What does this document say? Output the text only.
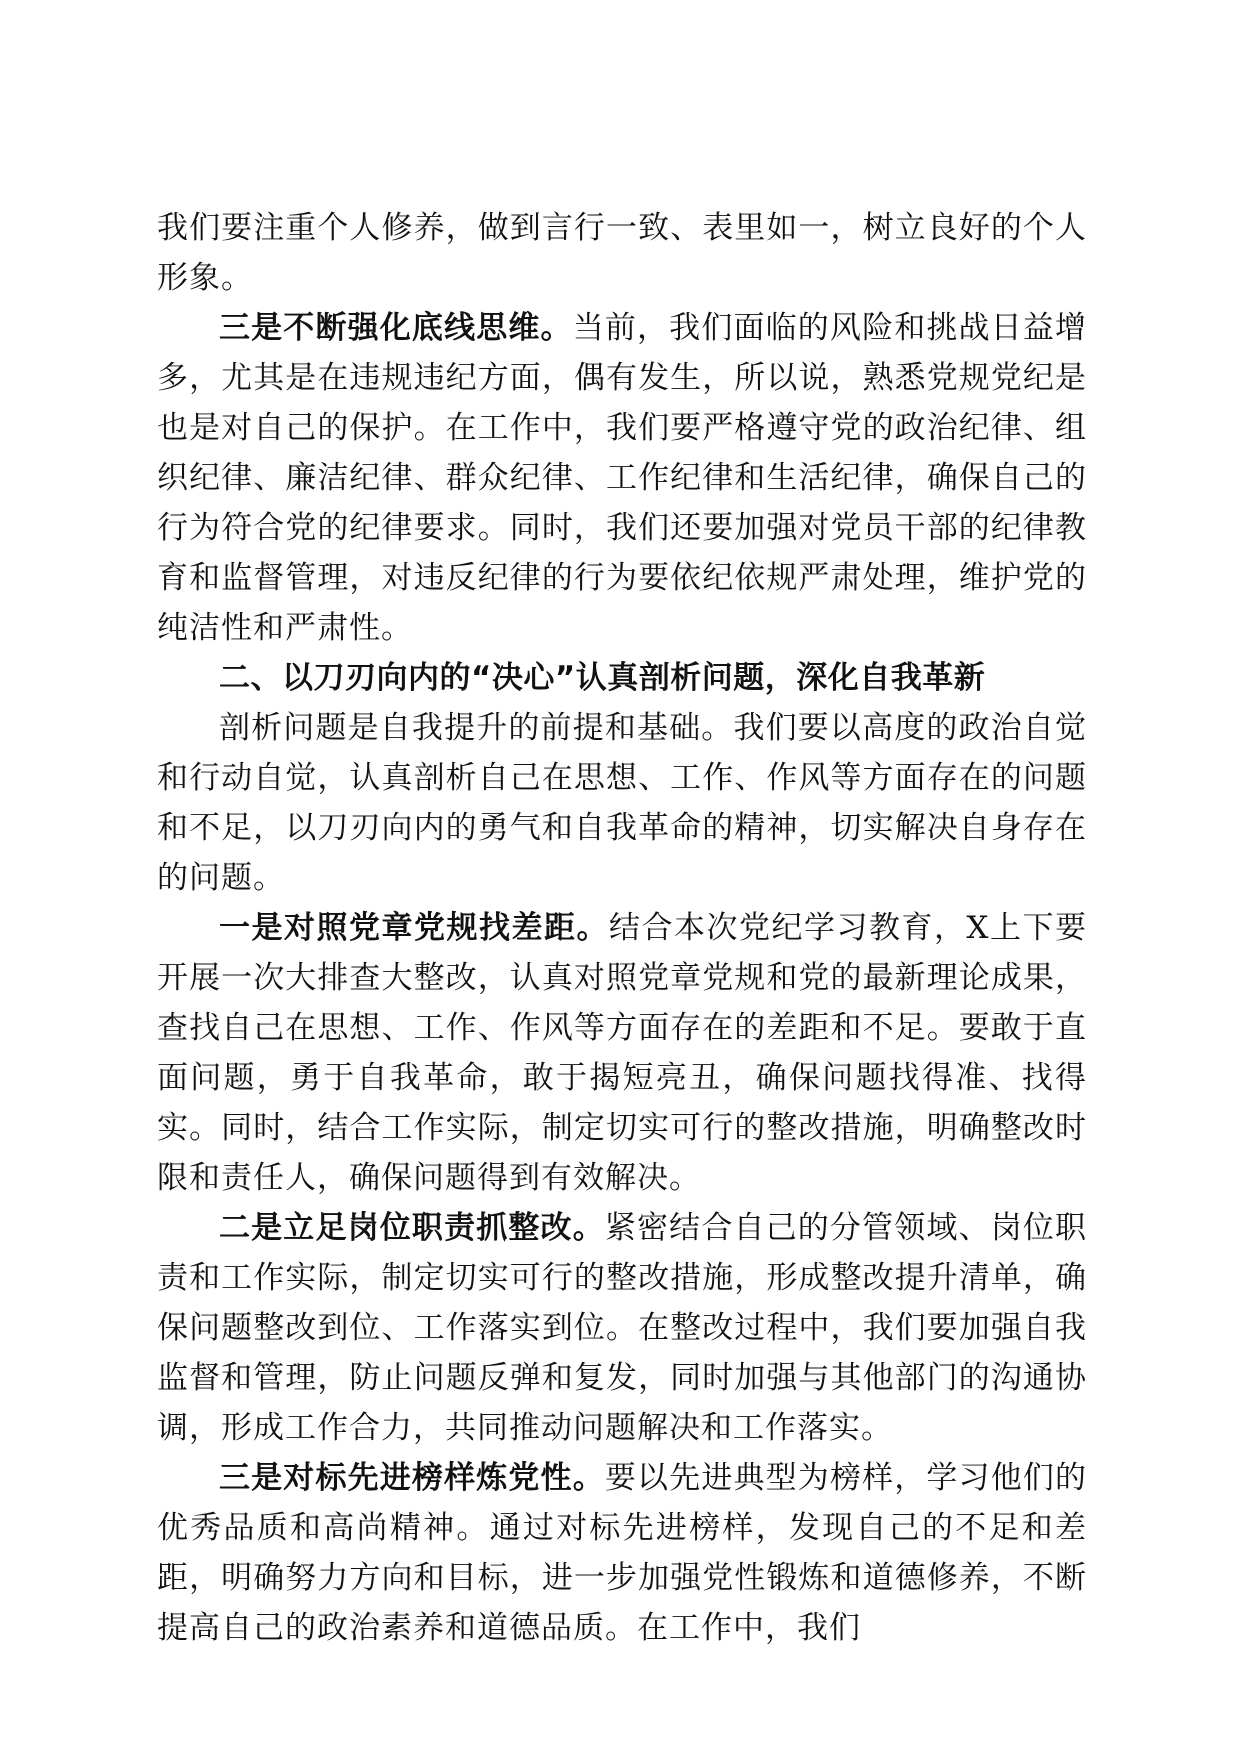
我们要注重个人修养，做到言行一致、表里如一，树立良好的个人形象。

三是不断强化底线思维。当前，我们面临的风险和挑战日益增多，尤其是在违规违纪方面，偶有发生，所以说，熟悉党规党纪是也是对自己的保护。在工作中，我们要严格遵守党的政治纪律、组织纪律、廉洁纪律、群众纪律、工作纪律和生活纪律，确保自己的行为符合党的纪律要求。同时，我们还要加强对党员干部的纪律教育和监督管理，对违反纪律的行为要依纪依规严肃处理，维护党的纯洁性和严肃性。

二、以刀刃向内的“决心”认真剖析问题，深化自我革新

剖析问题是自我提升的前提和基础。我们要以高度的政治自觉和行动自觉，认真剖析自己在思想、工作、作风等方面存在的问题和不足，以刀刃向内的勇气和自我革命的精神，切实解决自身存在的问题。

一是对照党章党规找差距。结合本次党纪学习教育，X上下要开展一次大排查大整改，认真对照党章党规和党的最新理论成果，查找自己在思想、工作、作风等方面存在的差距和不足。要敢于直面问题，勇于自我革命，敢于揭短亮丑，确保问题找得准、找得实。同时，结合工作实际，制定切实可行的整改措施，明确整改时限和责任人，确保问题得到有效解决。

二是立足岗位职责抓整改。紧密结合自己的分管领域、岗位职责和工作实际，制定切实可行的整改措施，形成整改提升清单，确保问题整改到位、工作落实到位。在整改过程中，我们要加强自我监督和管理，防止问题反弹和复发，同时加强与其他部门的沟通协调，形成工作合力，共同推动问题解决和工作落实。

三是对标先进榜样炼党性。要以先进典型为榜样，学习他们的优秀品质和高尚精神。通过对标先进榜样，发现自己的不足和差距，明确努力方向和目标，进一步加强党性锻炼和道德修养，不断提高自己的政治素养和道德品质。在工作中，我们
